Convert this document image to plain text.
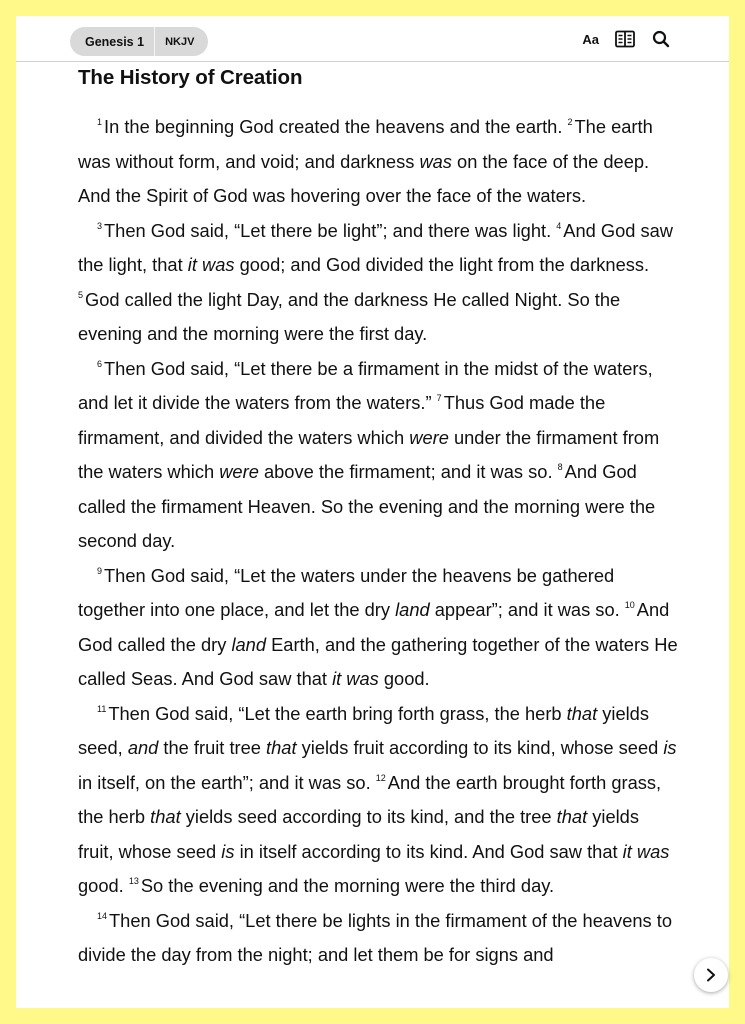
Genesis 1	NKJV	Aa
The History of Creation

$^1$ In the beginning God created the heavens and the earth. $^2$ The earth was without form, and void; and darkness was on the face of the deep. And the Spirit of God was hovering over the face of the waters.

$^3$ Then God said, “Let there be light”; and there was light. $^4$ And God saw the light, that it was good; and God divided the light from the darkness. $^5$ God called the light Day, and the darkness He called Night. So the evening and the morning were the first day.

$^6$ Then God said, “Let there be a firmament in the midst of the waters, and let it divide the waters from the waters.” $^7$ Thus God made the firmament, and divided the waters which were under the firmament from the waters which were above the firmament; and it was so. $^8$ And God called the firmament Heaven. So the evening and the morning were the second day.

$^9$ Then God said, “Let the waters under the heavens be gathered together into one place, and let the dry land appear”; and it was so. $^{10}$ And God called the dry land Earth, and the gathering together of the waters He called Seas. And God saw that it was good.

$^{11}$ Then God said, “Let the earth bring forth grass, the herb that yields seed, and the fruit tree that yields fruit according to its kind, whose seed is in itself, on the earth”; and it was so. $^{12}$ And the earth brought forth grass, the herb that yields seed according to its kind, and the tree that yields fruit, whose seed is in itself according to its kind. And God saw that it was good. $^{13}$ So the evening and the morning were the third day.

$^{14}$ Then God said, “Let there be lights in the firmament of the heavens to divide the day from the night; and let them be for signs and
